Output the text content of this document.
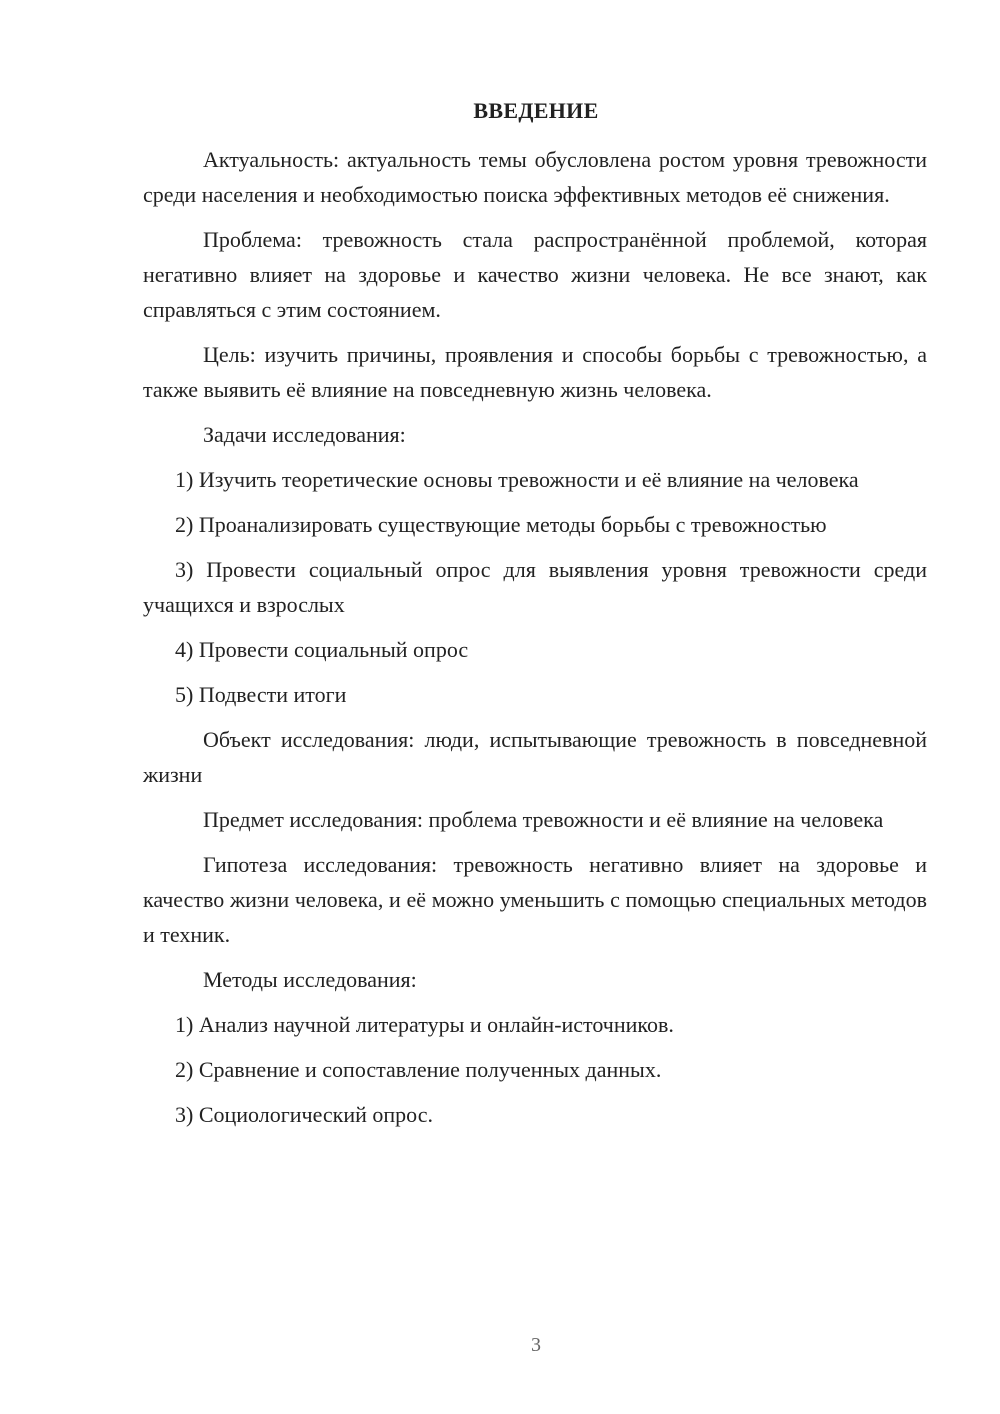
ВВЕДЕНИЕ

Актуальность: актуальность темы обусловлена ростом уровня тревожности среди населения и необходимостью поиска эффективных методов её снижения.

Проблема: тревожность стала распространённой проблемой, которая негативно влияет на здоровье и качество жизни человека. Не все знают, как справляться с этим состоянием.

Цель: изучить причины, проявления и способы борьбы с тревожностью, а также выявить её влияние на повседневную жизнь человека.

Задачи исследования:

1) Изучить теоретические основы тревожности и её влияние на человека

2) Проанализировать существующие методы борьбы с тревожностью

3) Провести социальный опрос для выявления уровня тревожности среди учащихся и взрослых

4) Провести социальный опрос

5) Подвести итоги

Объект исследования: люди, испытывающие тревожность в повседневной жизни

Предмет исследования: проблема тревожности и её влияние на человека

Гипотеза исследования: тревожность негативно влияет на здоровье и качество жизни человека, и её можно уменьшить с помощью специальных методов и техник.

Методы исследования:

1) Анализ научной литературы и онлайн-источников.

2) Сравнение и сопоставление полученных данных.

3) Социологический опрос.

3
